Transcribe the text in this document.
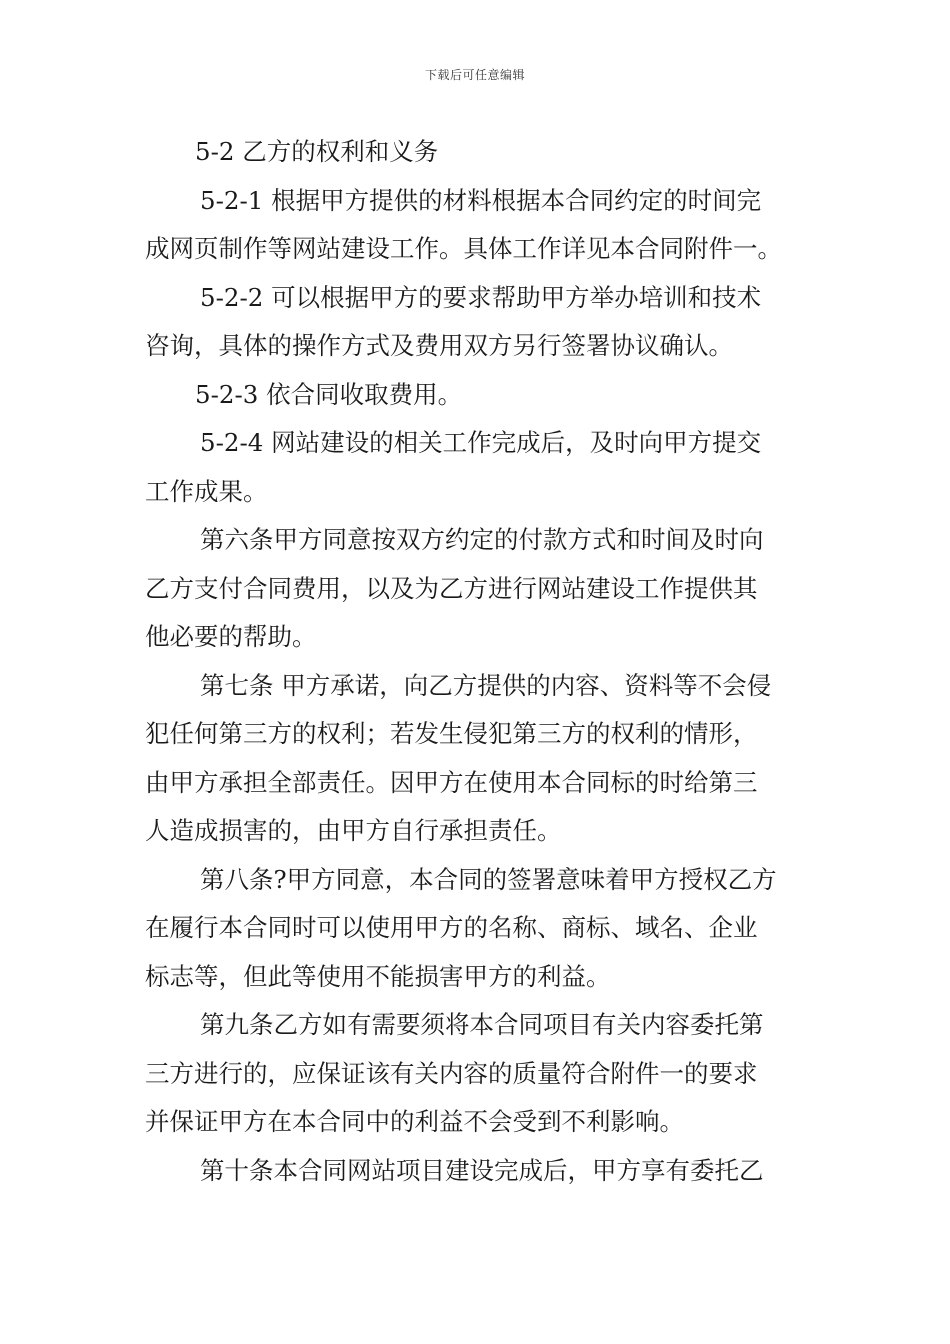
下载后可任意编辑
5-2 乙方的权利和义务
5-2-1 根据甲方提供的材料根据本合同约定的时间完
成网页制作等网站建设工作。具体工作详见本合同附件一。
5-2-2 可以根据甲方的要求帮助甲方举办培训和技术
咨询，具体的操作方式及费用双方另行签署协议确认。
5-2-3 依合同收取费用。
5-2-4 网站建设的相关工作完成后，及时向甲方提交
工作成果。
第六条甲方同意按双方约定的付款方式和时间及时向
乙方支付合同费用，以及为乙方进行网站建设工作提供其
他必要的帮助。
第七条 甲方承诺，向乙方提供的内容、资料等不会侵
犯任何第三方的权利；若发生侵犯第三方的权利的情形，
由甲方承担全部责任。因甲方在使用本合同标的时给第三
人造成损害的，由甲方自行承担责任。
第八条?甲方同意，本合同的签署意味着甲方授权乙方
在履行本合同时可以使用甲方的名称、商标、域名、企业
标志等，但此等使用不能损害甲方的利益。
第九条乙方如有需要须将本合同项目有关内容委托第
三方进行的，应保证该有关内容的质量符合附件一的要求
并保证甲方在本合同中的利益不会受到不利影响。
第十条本合同网站项目建设完成后，甲方享有委托乙
